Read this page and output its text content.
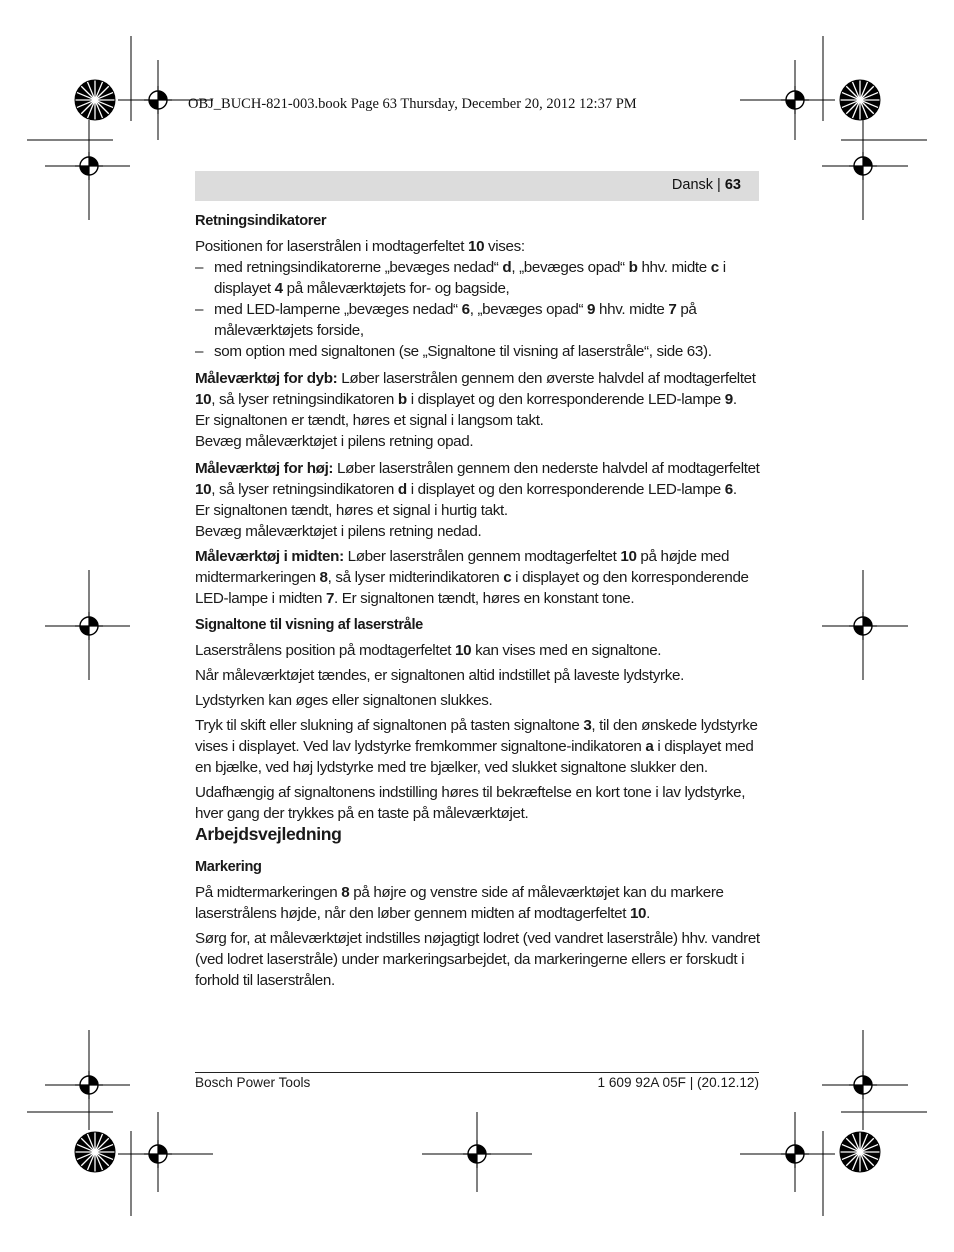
OBJ_BUCH-821-003.book Page 63 Thursday, December 20, 2012 12:37 PM
Dansk | 63

Retningsindikatorer

Positionen for laserstrålen i modtagerfeltet 10 vises:

– med retningsindikatorerne „bevæges nedad“ d, „bevæges opad“ b hhv. midte c i displayet 4 på måleværktøjets for- og bagside,
– med LED-lamperne „bevæges nedad“ 6, „bevæges opad“ 9 hhv. midte 7 på måleværktøjets forside,
– som option med signaltonen (se „Signaltone til visning af laserstråle“, side 63).

Måleværktøj for dyb: Løber laserstrålen gennem den øverste halvdel af modtagerfeltet 10, så lyser retningsindikatoren b i displayet og den korresponderende LED-lampe 9.

Er signaltonen er tændt, høres et signal i langsom takt.

Bevæg måleværktøjet i pilens retning opad.

Måleværktøj for høj: Løber laserstrålen gennem den nederste halvdel af modtagerfeltet 10, så lyser retningsindikatoren d i displayet og den korresponderende LED-lampe 6.

Er signaltonen tændt, høres et signal i hurtig takt.

Bevæg måleværktøjet i pilens retning nedad.

Måleværktøj i midten: Løber laserstrålen gennem modtagerfeltet 10 på højde med midtermarkeringen 8, så lyser midterindikatoren c i displayet og den korresponderende LED-lampe i midten 7. Er signaltonen tændt, høres en konstant tone.

Signaltone til visning af laserstråle

Laserstrålens position på modtagerfeltet 10 kan vises med en signaltone.

Når måleværktøjet tændes, er signaltonen altid indstillet på laveste lydstyrke.

Lydstyrken kan øges eller signaltonen slukkes.

Tryk til skift eller slukning af signaltonen på tasten signaltone 3, til den ønskede lydstyrke vises i displayet. Ved lav lydstyrke fremkommer signaltone-indikatoren a i displayet med en bjælke, ved høj lydstyrke med tre bjælker, ved slukket signaltone slukker den.

Udafhængig af signaltonens indstilling høres til bekræftelse en kort tone i lav lydstyrke, hver gang der trykkes på en taste på måleværktøjet.

Arbejdsvejledning

Markering

På midtermarkeringen 8 på højre og venstre side af måleværktøjet kan du markere laserstrålens højde, når den løber gennem midten af modtagerfeltet 10.

Sørg for, at måleværktøjet indstilles nøjagtigt lodret (ved vandret laserstråle) hhv. vandret (ved lodret laserstråle) under markeringsarbejdet, da markeringerne ellers er forskudt i forhold til laserstrålen.

Bosch Power Tools	1 609 92A 05F | (20.12.12)
